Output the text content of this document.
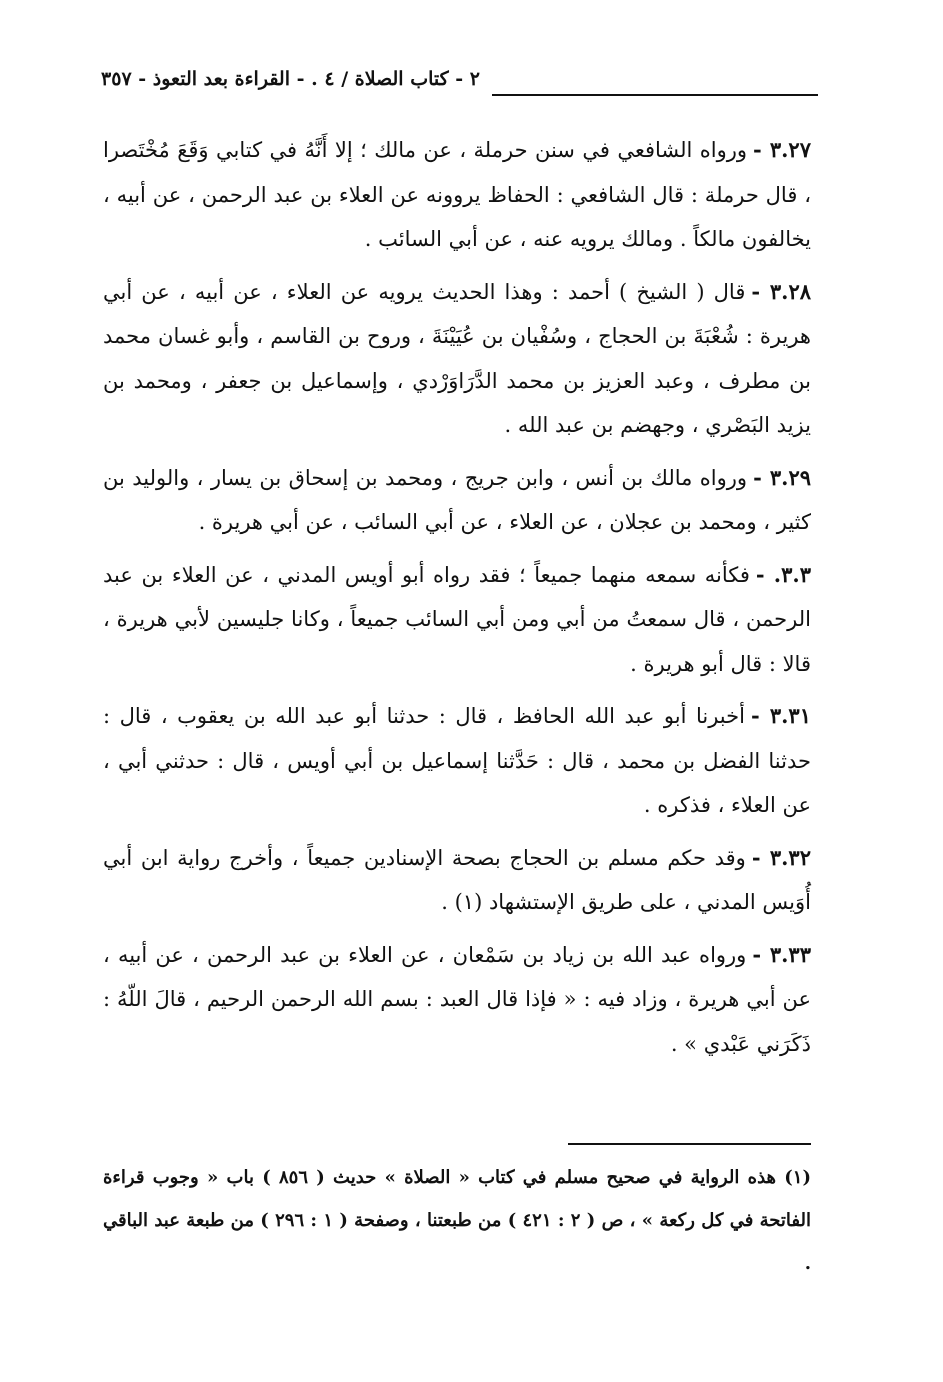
٢ - كتاب الصلاة / ٤ . - القراءة بعد التعوذ - ٣٥٧

٣.٢٧ -ورواه الشافعي في سنن حرملة ، عن مالك ؛ إلا أَنَّهُ في كتابي وَقَعَ مُخْتَصرا ، قال حرملة : قال الشافعي : الحفاظ يروونه عن العلاء بن عبد الرحمن ، عن أبيه ، يخالفون مالكاً . ومالك يرويه عنه ، عن أبي السائب .

٣.٢٨ -قال ( الشيخ ) أحمد : وهذا الحديث يرويه عن العلاء ، عن أبيه ، عن أبي هريرة : شُعْبَةَ بن الحجاج ، وسُفْيان بن عُيَيْنَةَ ، وروح بن القاسم ، وأبو غسان محمد بن مطرف ، وعبد العزيز بن محمد الدَّرَاوَرْدي ، وإسماعيل بن جعفر ، ومحمد بن يزيد البَصْري ، وجهضم بن عبد الله .

٣.٢٩ -ورواه مالك بن أنس ، وابن جريج ، ومحمد بن إسحاق بن يسار ، والوليد بن كثير ، ومحمد بن عجلان ، عن العلاء ، عن أبي السائب ، عن أبي هريرة .

٣.٣. -فكأنه سمعه منهما جميعاً ؛ فقد رواه أبو أويس المدني ، عن العلاء بن عبد الرحمن ، قال سمعتُ من أبي ومن أبي السائب جميعاً ، وكانا جليسين لأبي هريرة ، قالا : قال أبو هريرة .

٣.٣١ -أخبرنا أبو عبد الله الحافظ ، قال : حدثنا أبو عبد الله بن يعقوب ، قال : حدثنا الفضل بن محمد ، قال : حَدَّثنا إسماعيل بن أبي أويس ، قال : حدثني أبي ، عن العلاء ، فذكره .

٣.٣٢ -وقد حكم مسلم بن الحجاج بصحة الإسنادين جميعاً ، وأخرج رواية ابن أبي أُوَيس المدني ، على طريق الإستشهاد (١) .

٣.٣٣ -ورواه عبد الله بن زياد بن سَمْعان ، عن العلاء بن عبد الرحمن ، عن أبيه ، عن أبي هريرة ، وزاد فيه : « فإذا قال العبد : بسم الله الرحمن الرحيم ، قالَ اللّهُ : ذَكَرَني عَبْدي » .

(١) هذه الرواية في صحيح مسلم في كتاب « الصلاة » حديث ( ٨٥٦ ) باب « وجوب قراءة الفاتحة في كل ركعة » ، ص ( ٢ : ٤٢١ ) من طبعتنا ، وصفحة ( ١ : ٢٩٦ ) من طبعة عبد الباقي .
